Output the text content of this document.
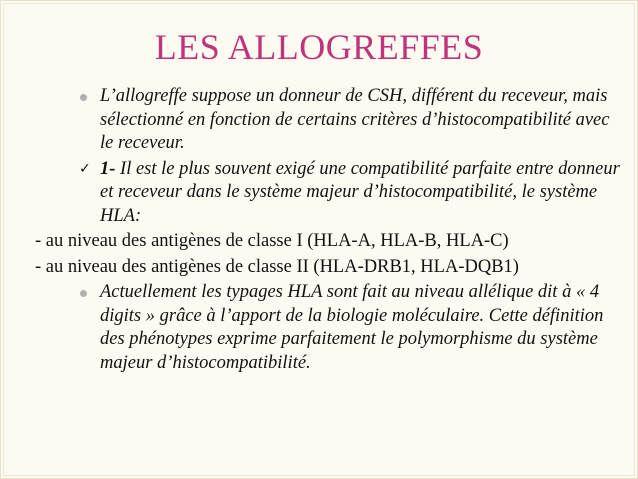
LES ALLOGREFFES
L’allogreffe suppose un donneur de CSH, différent du receveur, mais sélectionné en fonction de certains critères d’histocompatibilité avec le receveur.
✓ 1- Il est le plus souvent exigé une compatibilité parfaite entre donneur et receveur dans le système majeur d’histocompatibilité, le système HLA:
- au niveau des antigènes de classe I (HLA-A, HLA-B, HLA-C)
- au niveau des antigènes de classe II (HLA-DRB1, HLA-DQB1)
Actuellement les typages HLA sont fait au niveau allélique dit à « 4 digits » grâce à l’apport de la biologie moléculaire. Cette définition des phénotypes exprime parfaitement le polymorphisme du système majeur d’histocompatibilité.
